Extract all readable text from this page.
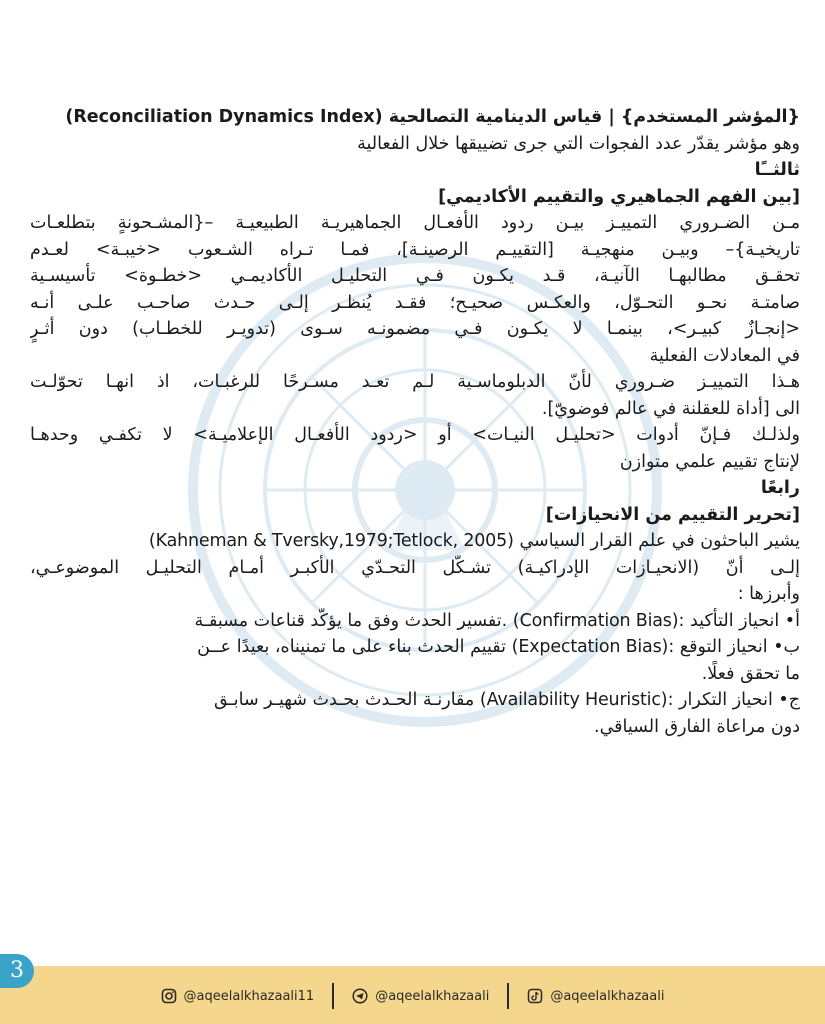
{المؤشر المستخدم} | قياس الدينامية التصالحية (Reconciliation Dynamics Index)
وهو مؤشر يقدّر عدد الفجوات التي جرى تضييقها خلال الفعالية
ثالثــًا
[بين الفهم الجماهيري والتقييم الأكاديمي]
مـن الضـروري التمييـز بيـن ردود الأفعـال الجماهيريـة الطبيعيـة –{المشـحونةٍ بتطلعـات
تاريخيـة}– وبيـن منهجيـة [التقييـم الرصينـة]، فمـا تـراه الشـعوب <خيبـة> لعـدم
تحقـق مطالبهـا الآنيـة، قـد يكـون فـي التحليـل الأكاديمـي <خطـوة> تأسيسـية
صامتـة نحـو التحـوّل، والعكـس صحيـح؛ فقـد يُنظـر إلـى حـدث صاحـب علـى أنـه
<إنجـازٌ كبيـر>، بينمـا لا يكـون فـي مضمونـه سـوى (تدويـر للخطـاب) دون أثـرٍ
في المعادلات الفعلية
هـذا التمييـز ضـروري لأنّ الدبلوماسـية لـم تعـد مسـرحًا للرغبـات، اذ انهـا تحوّلـت
الى [أداة للعقلنة في عالم فوضويّ].
ولذلـك فـإنّ أدوات <تحليـل النيـات> أو <ردود الأفعـال الإعلاميـة> لا تكفـي وحدهـا
لإنتاج تقييم علمي متوازن
رابعًا
[تحرير التقييم من الانحيازات]
يشير الباحثون في علم القرار السياسي (Kahneman & Tversky,1979;Tetlock, 2005)
إلـى أنّ (الانحيـازات الإدراكيـة) تشـكّل التحـدّي الأكبـر أمـام التحليـل الموضوعـي،
وأبرزها :
أ• انحياز التأكيد :(Confirmation Bias) .تفسير الحدث وفق ما يؤكّد قناعات مسبقـة
ب• انحياز التوقع :(Expectation Bias) تقييم الحدث بناء على ما تمنيناه، بعيدًا عــن
ما تحقق فعلًا.
ج• انحياز التكرار :(Availability Heuristic) مقارنـة الحـدث بحـدث شهيـر سابـق
دون مراعاة الفارق السياقي.
3
@aqeelalkhazaali11	@aqeelalkhazaali	@aqeelalkhazaali
